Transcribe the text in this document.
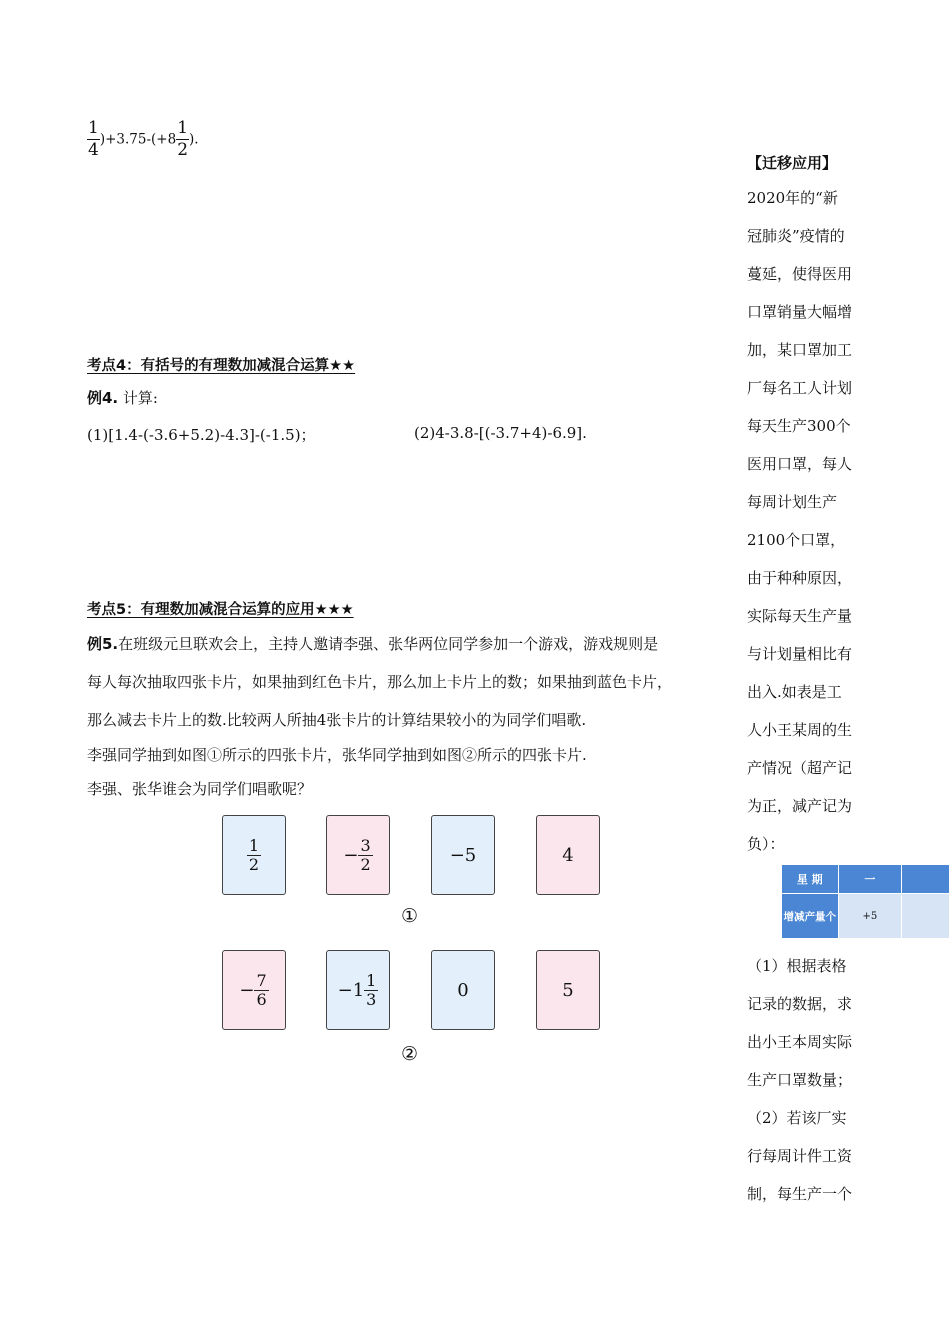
$\frac{1}{4} )+3.75-(+8 \frac{1}{2}$ ).
考点4：有括号的有理数加减混合运算★★
例4. 计算:
(1)[1.4-(-3.6+5.2)-4.3]-(-1.5)；	(2)4-3.8-[(-3.7+4)-6.9].
考点5：有理数加减混合运算的应用★★★
例5.在班级元旦联欢会上，主持人邀请李强、张华两位同学参加一个游戏，游戏规则是
每人每次抽取四张卡片，如果抽到红色卡片，那么加上卡片上的数；如果抽到蓝色卡片，
那么减去卡片上的数.比较两人所抽4张卡片的计算结果较小的为同学们唱歌.
李强同学抽到如图①所示的四张卡片，张华同学抽到如图②所示的四张卡片.
李强、张华谁会为同学们唱歌呢？
$\frac{1}{2}$	− $\frac{3}{2}$	−5	4
①
− $\frac{7}{6}$	$-1 \frac{1}{3}$	0	5
②
【迁移应用】
2020年的“新
冠肺炎”疫情的
蔓延，使得医用
口罩销量大幅增
加，某口罩加工
厂每名工人计划
每天生产300个
医用口罩，每人
每周计划生产
2100个口罩，
由于种种原因，
实际每天生产量
与计划量相比有
出入.如表是工
人小王某周的生
产情况（超产记
为正，减产记为
负）：
星 期	一	
增减产量个	+5	
（1）根据表格
记录的数据，求
出小王本周实际
生产口罩数量；
（2）若该厂实
行每周计件工资
制，每生产一个
